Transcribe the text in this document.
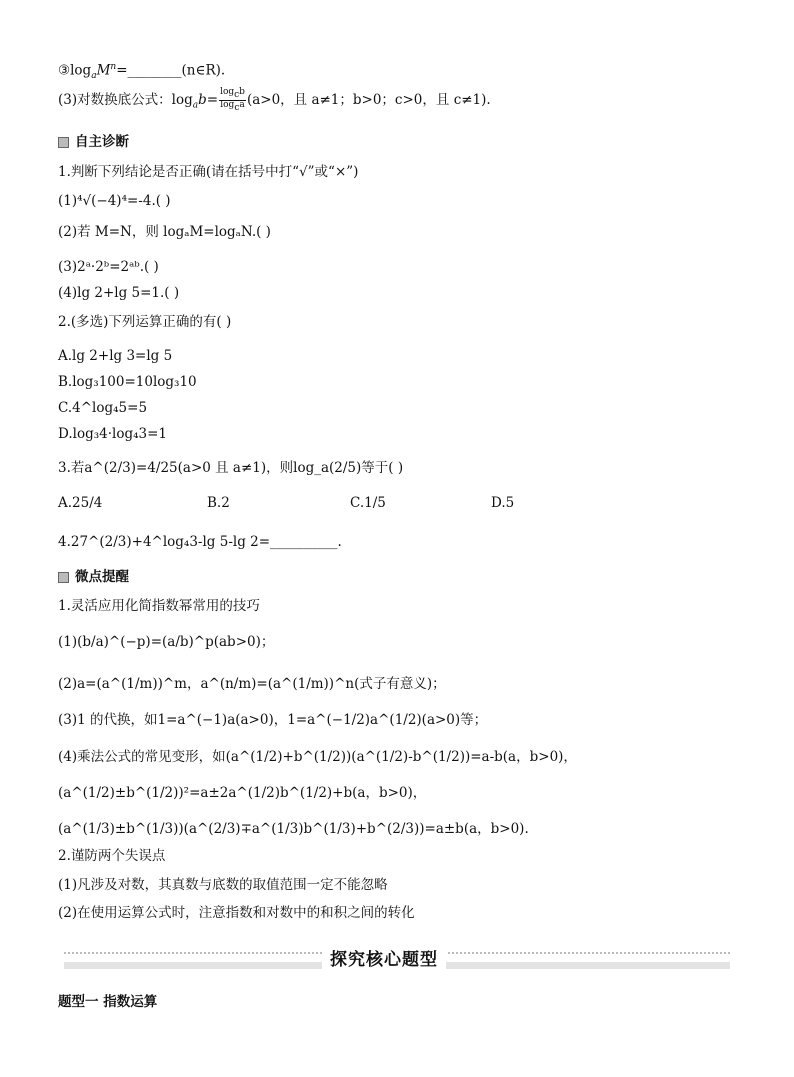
$③\log_aM^n=\_\_\_\_\_\_\_\_(n\in R)$.
(3)对数换底公式：$\log_ab= \frac{\log_cb}{\log_ca} (a>0$，且 a≠1；b>0；c>0，且 c≠1).
自主诊断
1.判断下列结论是否正确(请在括号中打“√”或“×”)
(1)⁴√(−4)⁴=-4.( )
(2)若 M=N，则 logₐM=logₐN.( )
(3)2ᵃ·2ᵇ=2ᵃᵇ.( )
(4)lg 2+lg 5=1.( )
2.(多选)下列运算正确的有( )
A.lg 2+lg 3=lg 5
B.log₃100=10log₃10
C.4^log₄5=5
D.log₃4·log₄3=1
3.若a^(2/3)=4/25(a>0 且 a≠1)，则log_a(2/5)等于( )
A.25/4	B.2	C.1/5	D.5
4.27^(2/3)+4^log₄3-lg 5-lg 2=__________.
微点提醒
1.灵活应用化简指数幂常用的技巧
(1)(b/a)^(−p)=(a/b)^p(ab>0)；
(2)a=(a^(1/m))^m，a^(n/m)=(a^(1/m))^n(式子有意义)；
(3)1 的代换，如1=a^(−1)a(a>0)，1=a^(−1/2)a^(1/2)(a>0)等；
(4)乘法公式的常见变形，如(a^(1/2)+b^(1/2))(a^(1/2)-b^(1/2))=a-b(a，b>0)，
(a^(1/2)±b^(1/2))²=a±2a^(1/2)b^(1/2)+b(a，b>0)，
(a^(1/3)±b^(1/3))(a^(2/3)∓a^(1/3)b^(1/3)+b^(2/3))=a±b(a，b>0).
2.谨防两个失误点
(1)凡涉及对数，其真数与底数的取值范围一定不能忽略
(2)在使用运算公式时，注意指数和对数中的和积之间的转化
探究核心题型
题型一 指数运算
